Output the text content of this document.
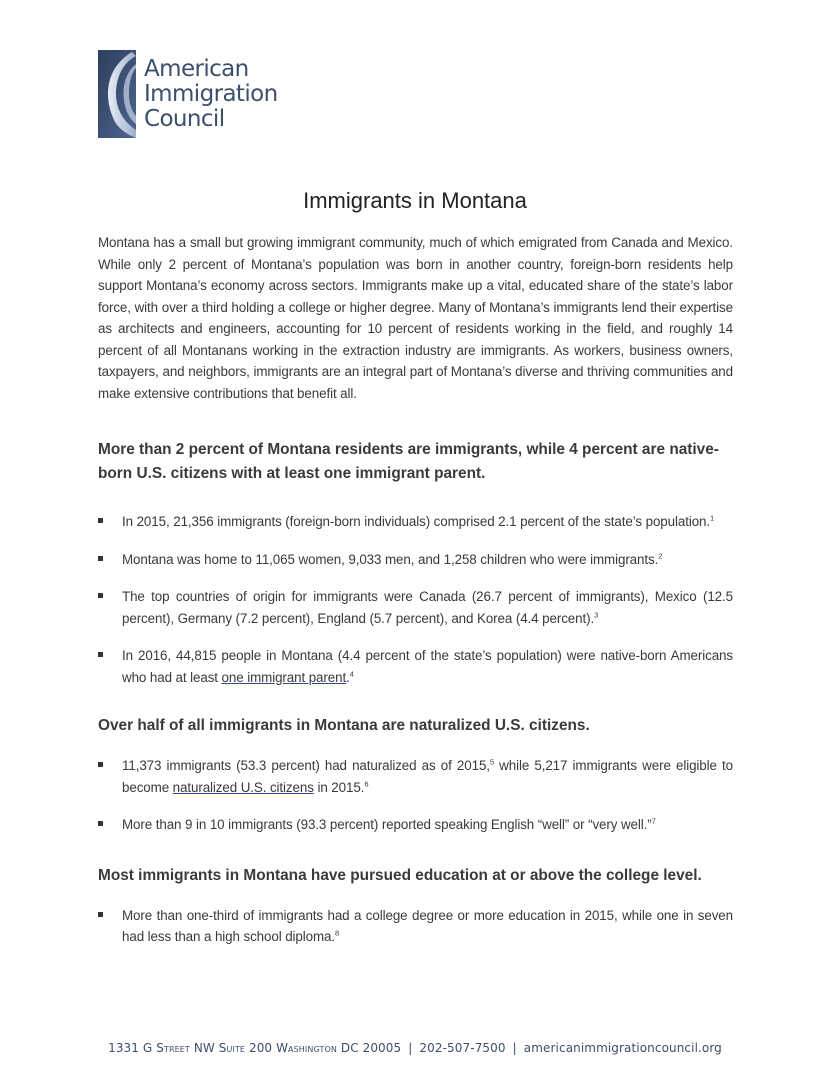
American
Immigration
Council
Immigrants in Montana

Montana has a small but growing immigrant community, much of which emigrated from Canada and Mexico. While only 2 percent of Montana’s population was born in another country, foreign-born residents help support Montana’s economy across sectors. Immigrants make up a vital, educated share of the state’s labor force, with over a third holding a college or higher degree. Many of Montana’s immigrants lend their expertise as architects and engineers, accounting for 10 percent of residents working in the field, and roughly 14 percent of all Montanans working in the extraction industry are immigrants. As workers, business owners, taxpayers, and neighbors, immigrants are an integral part of Montana’s diverse and thriving communities and make extensive contributions that benefit all.

More than 2 percent of Montana residents are immigrants, while 4 percent are native-born U.S. citizens with at least one immigrant parent.
In 2015, 21,356 immigrants (foreign-born individuals) comprised 2.1 percent of the state’s population.$^1$
Montana was home to 11,065 women, 9,033 men, and 1,258 children who were immigrants.$^2$
The top countries of origin for immigrants were Canada (26.7 percent of immigrants), Mexico (12.5 percent), Germany (7.2 percent), England (5.7 percent), and Korea (4.4 percent).$^3$
In 2016, 44,815 people in Montana (4.4 percent of the state’s population) were native-born Americans who had at least one immigrant parent.$^4$
Over half of all immigrants in Montana are naturalized U.S. citizens.
11,373 immigrants (53.3 percent) had naturalized as of 2015,$^5$ while 5,217 immigrants were eligible to become naturalized U.S. citizens in 2015.$^6$
More than 9 in 10 immigrants (93.3 percent) reported speaking English “well” or “very well.”$^7$
Most immigrants in Montana have pursued education at or above the college level.
More than one-third of immigrants had a college degree or more education in 2015, while one in seven had less than a high school diploma.$^8$
1331 G Street NW Suite 200 Washington DC 20005 | 202-507-7500 | americanimmigrationcouncil.org
